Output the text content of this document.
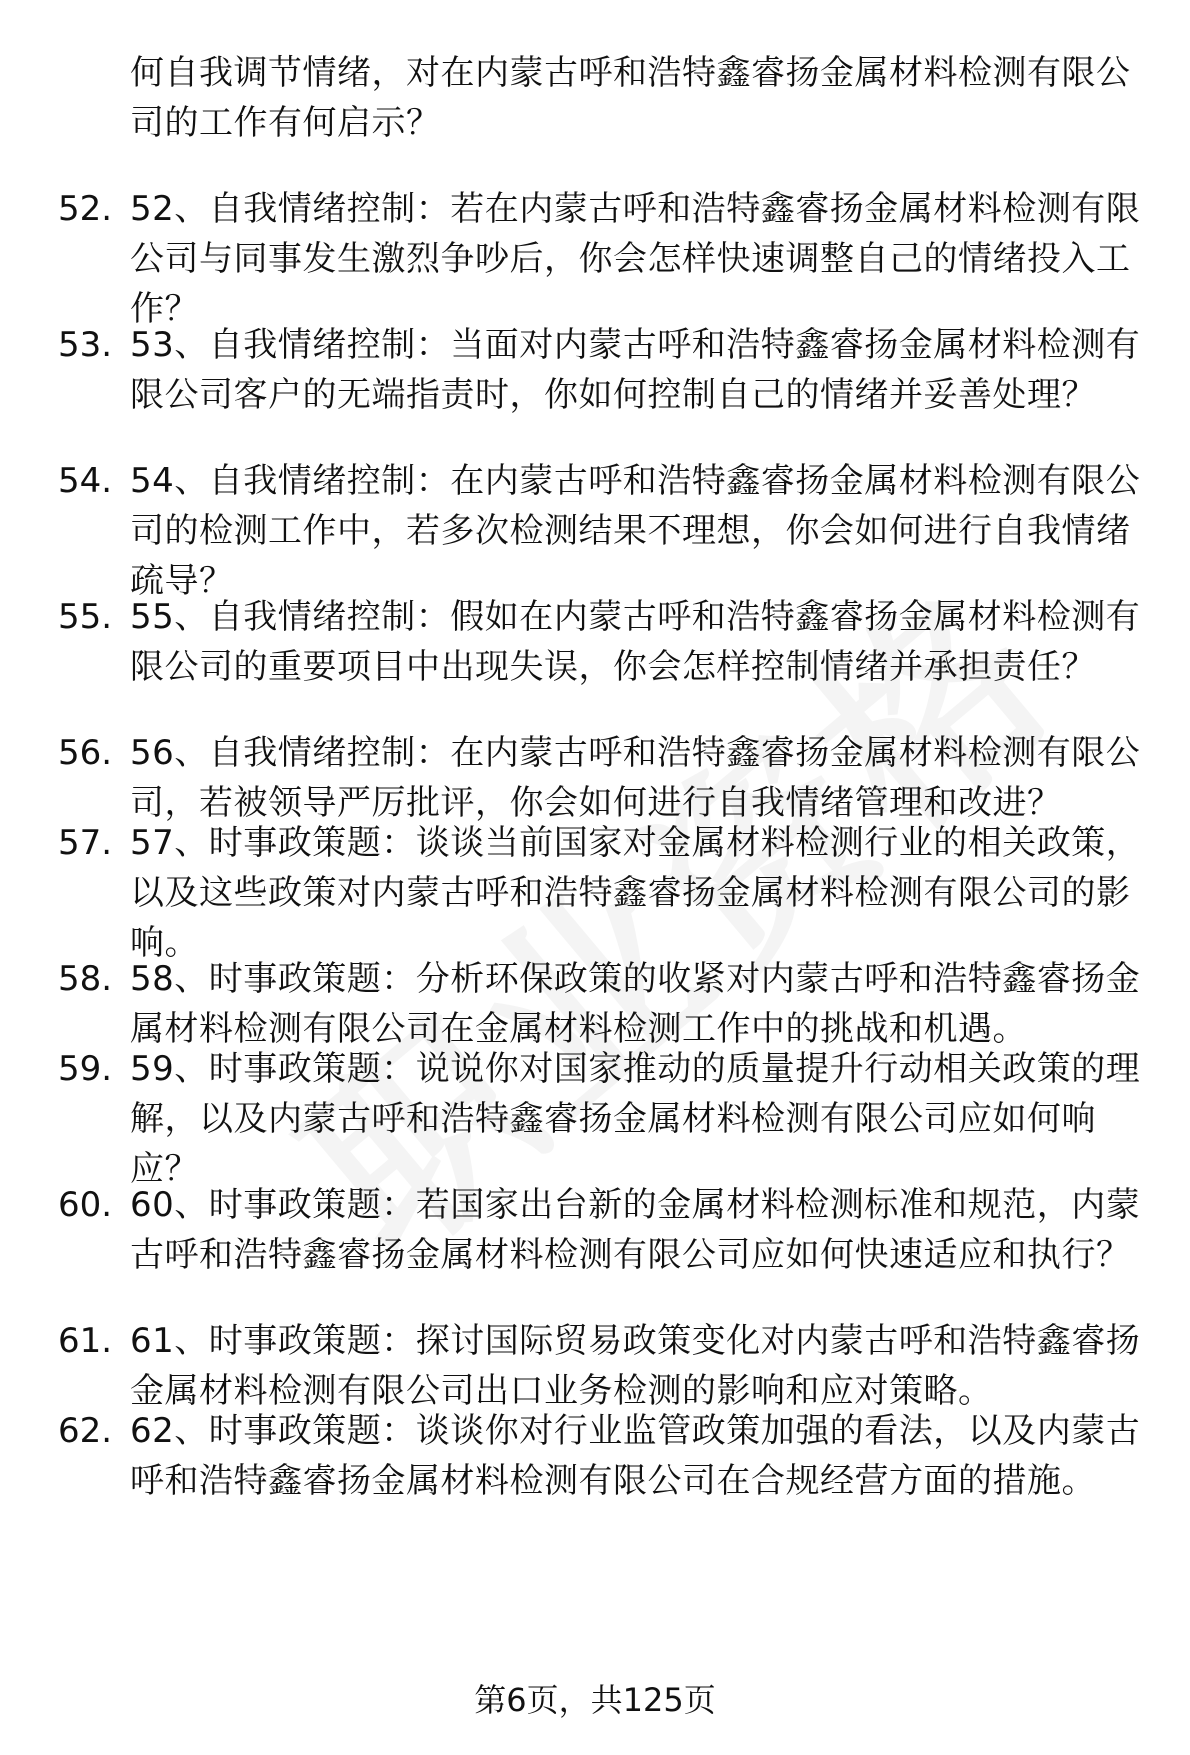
何自我调节情绪，对在内蒙古呼和浩特鑫睿扬金属材料检测有限公司的工作有何启示？
52. 52、自我情绪控制：若在内蒙古呼和浩特鑫睿扬金属材料检测有限公司与同事发生激烈争吵后，你会怎样快速调整自己的情绪投入工作？
53. 53、自我情绪控制：当面对内蒙古呼和浩特鑫睿扬金属材料检测有限公司客户的无端指责时，你如何控制自己的情绪并妥善处理？
54. 54、自我情绪控制：在内蒙古呼和浩特鑫睿扬金属材料检测有限公司的检测工作中，若多次检测结果不理想，你会如何进行自我情绪疏导？
55. 55、自我情绪控制：假如在内蒙古呼和浩特鑫睿扬金属材料检测有限公司的重要项目中出现失误，你会怎样控制情绪并承担责任？
56. 56、自我情绪控制：在内蒙古呼和浩特鑫睿扬金属材料检测有限公司，若被领导严厉批评，你会如何进行自我情绪管理和改进？
57. 57、时事政策题：谈谈当前国家对金属材料检测行业的相关政策，以及这些政策对内蒙古呼和浩特鑫睿扬金属材料检测有限公司的影响。
58. 58、时事政策题：分析环保政策的收紧对内蒙古呼和浩特鑫睿扬金属材料检测有限公司在金属材料检测工作中的挑战和机遇。
59. 59、时事政策题：说说你对国家推动的质量提升行动相关政策的理解，以及内蒙古呼和浩特鑫睿扬金属材料检测有限公司应如何响应？
60. 60、时事政策题：若国家出台新的金属材料检测标准和规范，内蒙古呼和浩特鑫睿扬金属材料检测有限公司应如何快速适应和执行？
61. 61、时事政策题：探讨国际贸易政策变化对内蒙古呼和浩特鑫睿扬金属材料检测有限公司出口业务检测的影响和应对策略。
62. 62、时事政策题：谈谈你对行业监管政策加强的看法，以及内蒙古呼和浩特鑫睿扬金属材料检测有限公司在合规经营方面的措施。
第6页，共125页
